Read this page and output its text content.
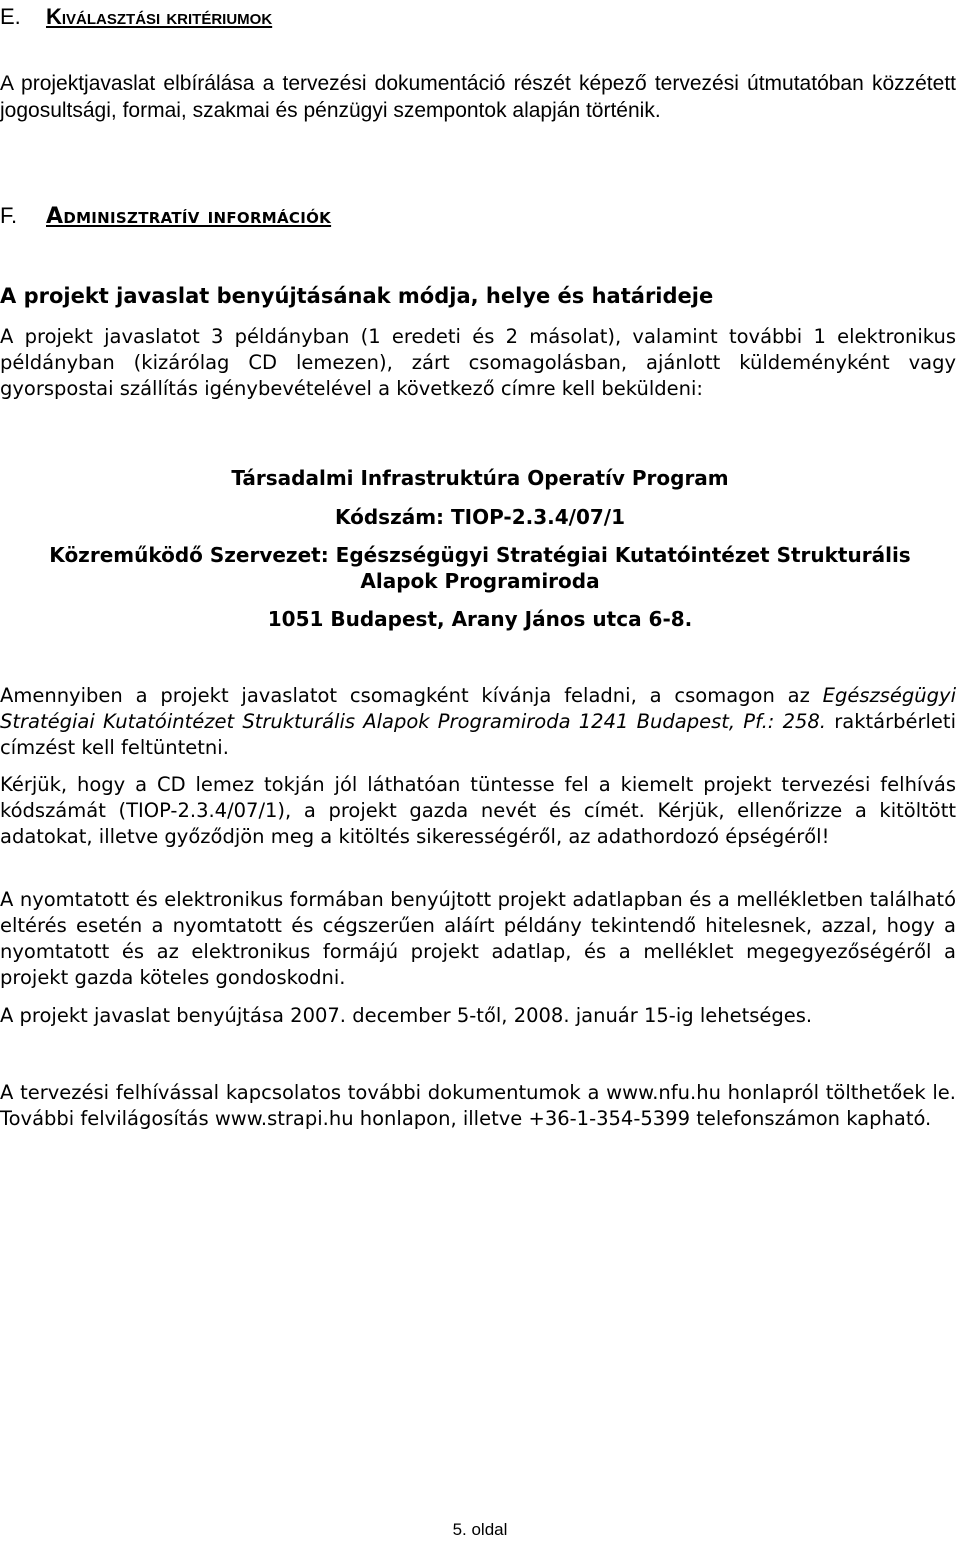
E. Kiválasztási kritériumok

A projektjavaslat elbírálása a tervezési dokumentáció részét képező tervezési útmutatóban közzétett jogosultsági, formai, szakmai és pénzügyi szempontok alapján történik.

F. Adminisztratív információk
A projekt javaslat benyújtásának módja, helye és határideje

A projekt javaslatot 3 példányban (1 eredeti és 2 másolat), valamint további 1 elektronikus példányban (kizárólag CD lemezen), zárt csomagolásban, ajánlott küldeményként vagy gyorspostai szállítás igénybevételével a következő címre kell beküldeni:

Társadalmi Infrastruktúra Operatív Program

Kódszám: TIOP-2.3.4/07/1

Közreműködő Szervezet: Egészségügyi Stratégiai Kutatóintézet Strukturális Alapok Programiroda

1051 Budapest, Arany János utca 6-8.

Amennyiben a projekt javaslatot csomagként kívánja feladni, a csomagon az Egészségügyi Stratégiai Kutatóintézet Strukturális Alapok Programiroda 1241 Budapest, Pf.: 258. raktárbérleti címzést kell feltüntetni.

Kérjük, hogy a CD lemez tokján jól láthatóan tüntesse fel a kiemelt projekt tervezési felhívás kódszámát (TIOP-2.3.4/07/1), a projekt gazda nevét és címét. Kérjük, ellenőrizze a kitöltött adatokat, illetve győződjön meg a kitöltés sikerességéről, az adathordozó épségéről!

A nyomtatott és elektronikus formában benyújtott projekt adatlapban és a mellékletben található eltérés esetén a nyomtatott és cégszerűen aláírt példány tekintendő hitelesnek, azzal, hogy a nyomtatott és az elektronikus formájú projekt adatlap, és a melléklet megegyezőségéről a projekt gazda köteles gondoskodni.

A projekt javaslat benyújtása 2007. december 5-től, 2008. január 15-ig lehetséges.

A tervezési felhívással kapcsolatos további dokumentumok a www.nfu.hu honlapról tölthetőek le. További felvilágosítás www.strapi.hu honlapon, illetve +36-1-354-5399 telefonszámon kapható.

5. oldal
